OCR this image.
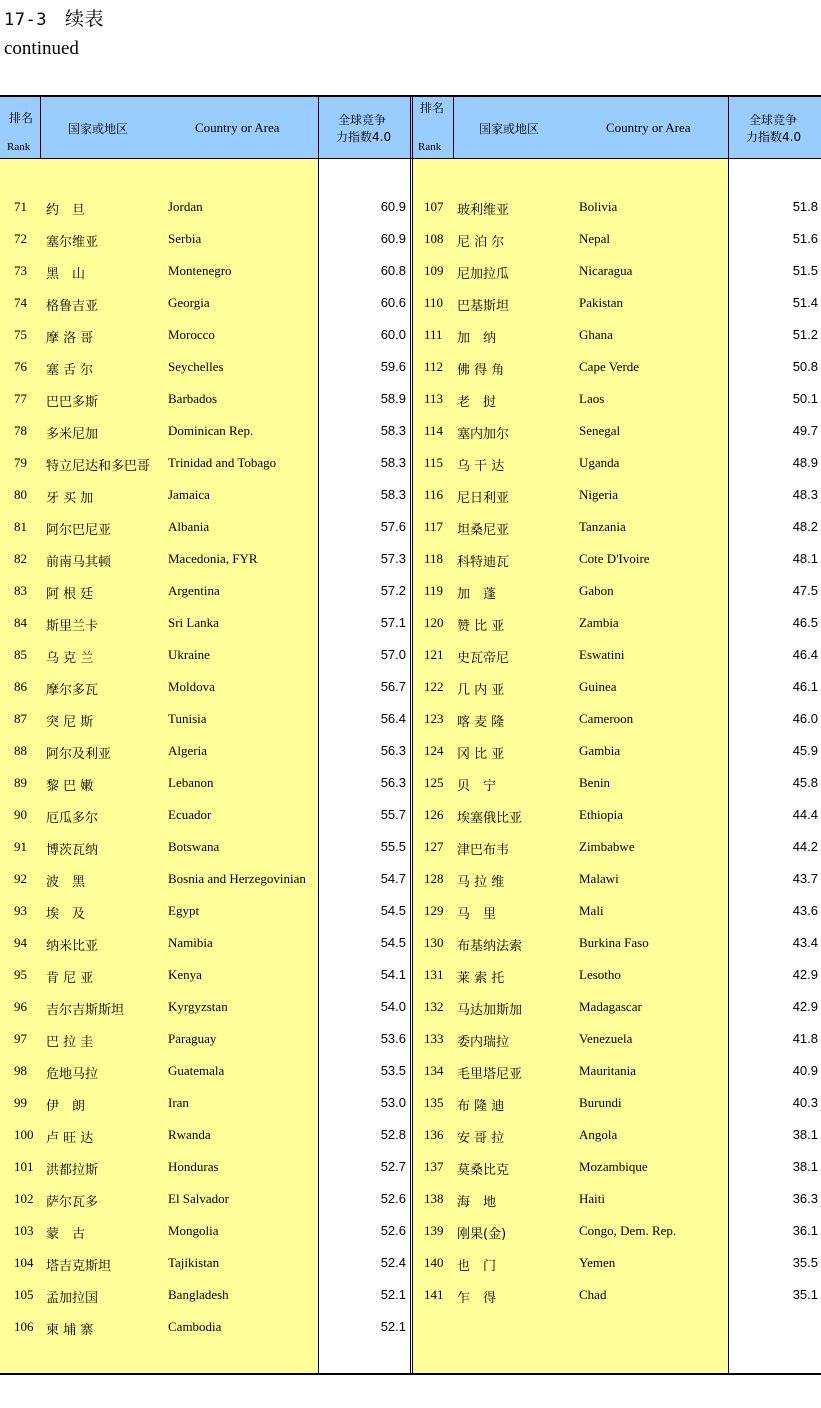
17-3 续表
continued
排名
Rank
国家或地区	Country or Area	全球竞争
力指数4.0
排名
Rank
国家或地区	Country or Area	全球竞争
力指数4.0
71 约　旦	Jordan	60.9
72 塞尔维亚	Serbia	60.9
73 黑　山	Montenegro	60.8
74 格鲁吉亚	Georgia	60.6
75 摩 洛 哥	Morocco	60.0
76 塞 舌 尔	Seychelles	59.6
77 巴巴多斯	Barbados	58.9
78 多米尼加	Dominican Rep.	58.3
79 特立尼达和多巴哥 Trinidad and Tobago	58.3
80 牙 买 加	Jamaica	58.3
81 阿尔巴尼亚	Albania	57.6
82 前南马其顿	Macedonia, FYR	57.3
83 阿 根 廷	Argentina	57.2
84 斯里兰卡	Sri Lanka	57.1
85 乌 克 兰	Ukraine	57.0
86 摩尔多瓦	Moldova	56.7
87 突 尼 斯	Tunisia	56.4
88 阿尔及利亚	Algeria	56.3
89 黎 巴 嫩	Lebanon	56.3
90 厄瓜多尔	Ecuador	55.7
91 博茨瓦纳	Botswana	55.5
92 波　黑	Bosnia and Herzegovinian	54.7
93 埃　及	Egypt	54.5
94 纳米比亚	Namibia	54.5
95 肯 尼 亚	Kenya	54.1
96 吉尔吉斯斯坦	Kyrgyzstan	54.0
97 巴 拉 圭	Paraguay	53.6
98 危地马拉	Guatemala	53.5
99 伊　朗	Iran	53.0
100 卢 旺 达	Rwanda	52.8
101 洪都拉斯	Honduras	52.7
102 萨尔瓦多	El Salvador	52.6
103 蒙　古	Mongolia	52.6
104 塔吉克斯坦	Tajikistan	52.4
105 孟加拉国	Bangladesh	52.1
106 柬 埔 寨	Cambodia	52.1
107 玻利维亚	Bolivia	51.8
108 尼 泊 尔	Nepal	51.6
109 尼加拉瓜	Nicaragua	51.5
110 巴基斯坦	Pakistan	51.4
111 加　纳	Ghana	51.2
112 佛 得 角	Cape Verde	50.8
113 老　挝	Laos	50.1
114 塞内加尔	Senegal	49.7
115 乌 干 达	Uganda	48.9
116 尼日利亚	Nigeria	48.3
117 坦桑尼亚	Tanzania	48.2
118 科特迪瓦	Cote D'Ivoire	48.1
119 加　蓬	Gabon	47.5
120 赞 比 亚	Zambia	46.5
121 史瓦帝尼	Eswatini	46.4
122 几 内 亚	Guinea	46.1
123 喀 麦 隆	Cameroon	46.0
124 冈 比 亚	Gambia	45.9
125 贝　宁	Benin	45.8
126 埃塞俄比亚	Ethiopia	44.4
127 津巴布韦	Zimbabwe	44.2
128 马 拉 维	Malawi	43.7
129 马　里	Mali	43.6
130 布基纳法索	Burkina Faso	43.4
131 莱 索 托	Lesotho	42.9
132 马达加斯加	Madagascar	42.9
133 委内瑞拉	Venezuela	41.8
134 毛里塔尼亚	Mauritania	40.9
135 布 隆 迪	Burundi	40.3
136 安 哥 拉	Angola	38.1
137 莫桑比克	Mozambique	38.1
138 海　地	Haiti	36.3
139 刚果(金)	Congo, Dem. Rep.	36.1
140 也　门	Yemen	35.5
141 乍　得	Chad	35.1
